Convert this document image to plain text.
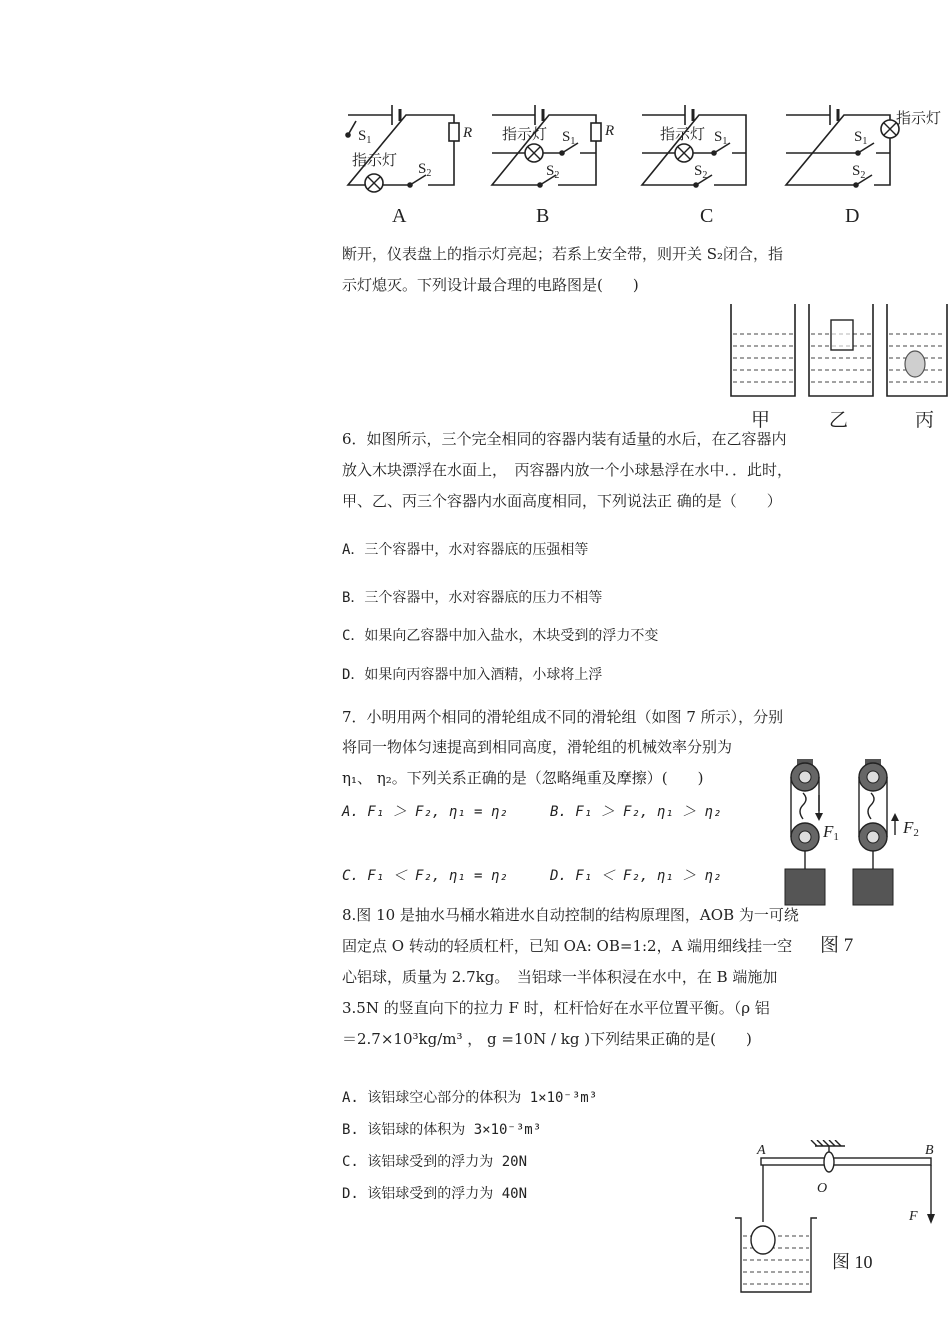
$S_1$
指示灯 $S_2$
R 指示灯 $S_1$
$S_2$
R	指示灯 $S_1$
$S_2$
指示灯
$S_1$
$S_2$
A	B	C	D
断开，仪表盘上的指示灯亮起；若系上安全带，则开关 S₂闭合，指
示灯熄灭。下列设计最合理的电路图是(　　)
甲	乙	丙
6．如图所示，三个完全相同的容器内装有适量的水后，在乙容器内
放入木块漂浮在水面上，　丙容器内放一个小球悬浮在水中．．此时，
甲、乙、丙三个容器内水面高度相同，下列说法正 确的是（　　）
A．三个容器中，水对容器底的压强相等
B．三个容器中，水对容器底的压力不相等
C．如果向乙容器中加入盐水，木块受到的浮力不变
D．如果向丙容器中加入酒精，小球将上浮
7．小明用两个相同的滑轮组成不同的滑轮组（如图 7 所示），分别
将同一物体匀速提高到相同高度，滑轮组的机械效率分别为
η₁、 η₂。下列关系正确的是（忽略绳重及摩擦）(　　)
A. F₁ ＞ F₂, η₁ = η₂	B. F₁ ＞ F₂, η₁ ＞ η₂
C. F₁ ＜ F₂, η₁ = η₂	D. F₁ ＜ F₂, η₁ ＞ η₂
F1	F2
图 7
8.图 10 是抽水马桶水箱进水自动控制的结构原理图，AOB 为一可绕
固定点 O 转动的轻质杠杆，已知 OA: OB=1:2，A 端用细线挂一空
心铝球，质量为 2.7kg。　当铝球一半体积浸在水中，在 B 端施加
3.5N 的竖直向下的拉力 F 时，杠杆恰好在水平位置平衡。（ρ 铝
＝2.7×10³kg/m³ ， g =10N / kg )下列结果正确的是(　　)
A. 该铝球空心部分的体积为 1×10⁻³m³
B. 该铝球的体积为 3×10⁻³m³
C. 该铝球受到的浮力为 20N
D. 该铝球受到的浮力为 40N
A	B
O
F
图 10
